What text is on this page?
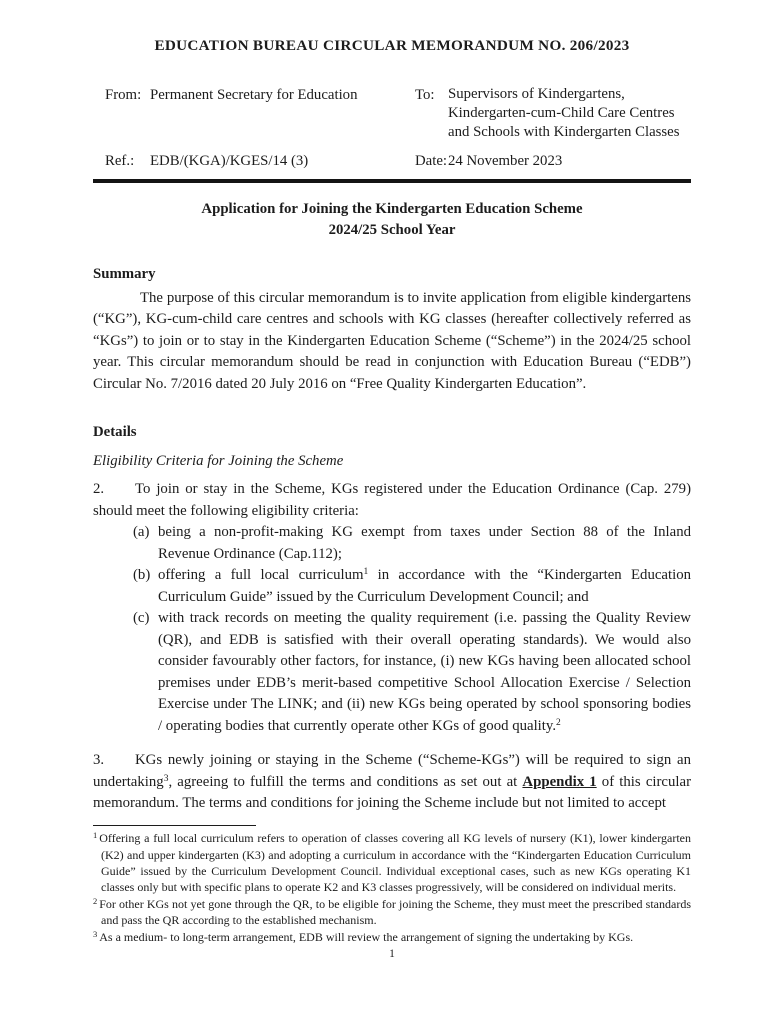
EDUCATION BUREAU CIRCULAR MEMORANDUM NO. 206/2023
From: Permanent Secretary for Education	To: Supervisors of Kindergartens, Kindergarten-cum-Child Care Centres and Schools with Kindergarten Classes
Ref.:	EDB/(KGA)/KGES/14 (3)	Date: 24 November 2023
Application for Joining the Kindergarten Education Scheme
2024/25 School Year
Summary

The purpose of this circular memorandum is to invite application from eligible kindergartens (“KG”), KG-cum-child care centres and schools with KG classes (hereafter collectively referred as “KGs”) to join or to stay in the Kindergarten Education Scheme (“Scheme”) in the 2024/25 school year. This circular memorandum should be read in conjunction with Education Bureau (“EDB”) Circular No. 7/2016 dated 20 July 2016 on “Free Quality Kindergarten Education”.

Details
Eligibility Criteria for Joining the Scheme

2. To join or stay in the Scheme, KGs registered under the Education Ordinance (Cap. 279) should meet the following eligibility criteria:

(a) being a non-profit-making KG exempt from taxes under Section 88 of the Inland Revenue Ordinance (Cap.112);
(b) offering a full local curriculum$^1$ in accordance with the “Kindergarten Education Curriculum Guide” issued by the Curriculum Development Council; and
(c) with track records on meeting the quality requirement (i.e. passing the Quality Review (QR), and EDB is satisfied with their overall operating standards). We would also consider favourably other factors, for instance, (i) new KGs having been allocated school premises under EDB’s merit-based competitive School Allocation Exercise / Selection Exercise under The LINK; and (ii) new KGs being operated by school sponsoring bodies / operating bodies that currently operate other KGs of good quality.$^2$

3. KGs newly joining or staying in the Scheme (“Scheme-KGs”) will be required to sign an undertaking$^3$, agreeing to fulfill the terms and conditions as set out at Appendix 1 of this circular memorandum. The terms and conditions for joining the Scheme include but not limited to accept

$^1$ Offering a full local curriculum refers to operation of classes covering all KG levels of nursery (K1), lower kindergarten (K2) and upper kindergarten (K3) and adopting a curriculum in accordance with the “Kindergarten Education Curriculum Guide” issued by the Curriculum Development Council. Individual exceptional cases, such as new KGs operating K1 classes only but with specific plans to operate K2 and K3 classes progressively, will be considered on individual merits.
$^2$ For other KGs not yet gone through the QR, to be eligible for joining the Scheme, they must meet the prescribed standards and pass the QR according to the established mechanism.
$^3$ As a medium- to long-term arrangement, EDB will review the arrangement of signing the undertaking by KGs.
1
